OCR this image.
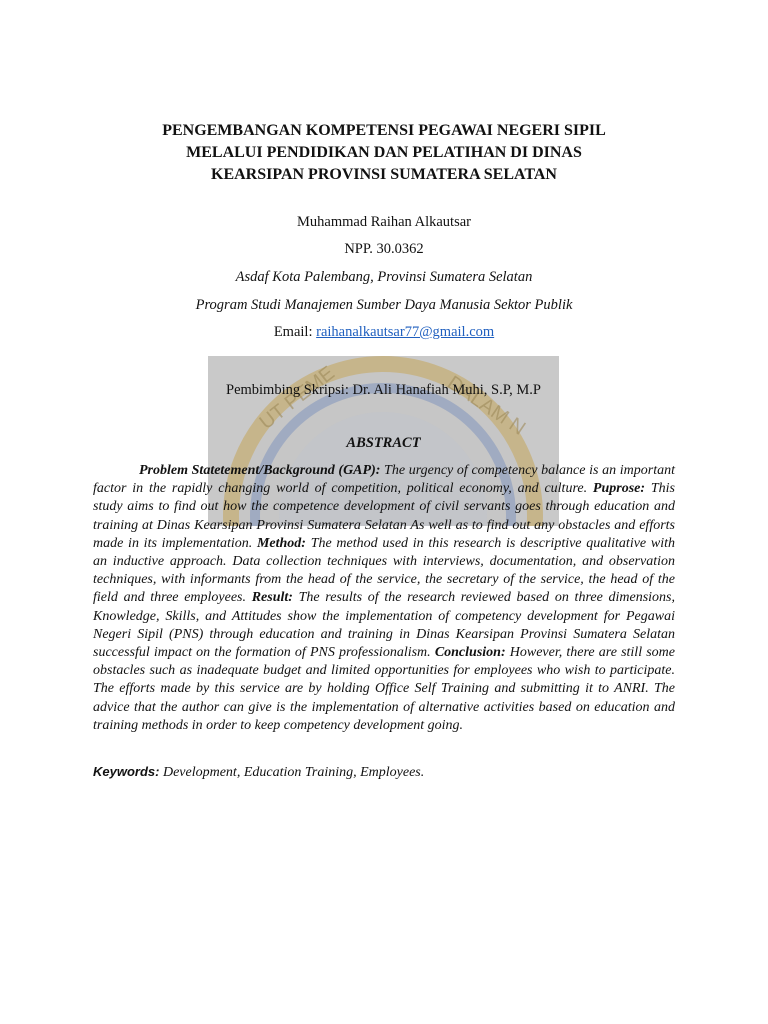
UT PEME	DALAM N
PENGEMBANGAN KOMPETENSI PEGAWAI NEGERI SIPIL
MELALUI PENDIDIKAN DAN PELATIHAN DI DINAS
KEARSIPAN PROVINSI SUMATERA SELATAN
Muhammad Raihan Alkautsar
NPP. 30.0362
Asdaf Kota Palembang, Provinsi Sumatera Selatan
Program Studi Manajemen Sumber Daya Manusia Sektor Publik
Email: raihanalkautsar77@gmail.com
Pembimbing Skripsi: Dr. Ali Hanafiah Muhi, S.P, M.P
ABSTRACT

Problem Statetement/Background (GAP): The urgency of competency balance is an important factor in the rapidly changing world of competition, political economy, and culture. Puprose: This study aims to find out how the competence development of civil servants goes through education and training at Dinas Kearsipan Provinsi Sumatera Selatan As well as to find out any obstacles and efforts made in its implementation. Method: The method used in this research is descriptive qualitative with an inductive approach. Data collection techniques with interviews, documentation, and observation techniques, with informants from the head of the service, the secretary of the service, the head of the field and three employees. Result: The results of the research reviewed based on three dimensions, Knowledge, Skills, and Attitudes show the implementation of competency development for Pegawai Negeri Sipil (PNS) through education and training in Dinas Kearsipan Provinsi Sumatera Selatan successful impact on the formation of PNS professionalism. Conclusion: However, there are still some obstacles such as inadequate budget and limited opportunities for employees who wish to participate. The efforts made by this service are by holding Office Self Training and submitting it to ANRI. The advice that the author can give is the implementation of alternative activities based on education and training methods in order to keep competency development going.

Keywords: Development, Education Training, Employees.
